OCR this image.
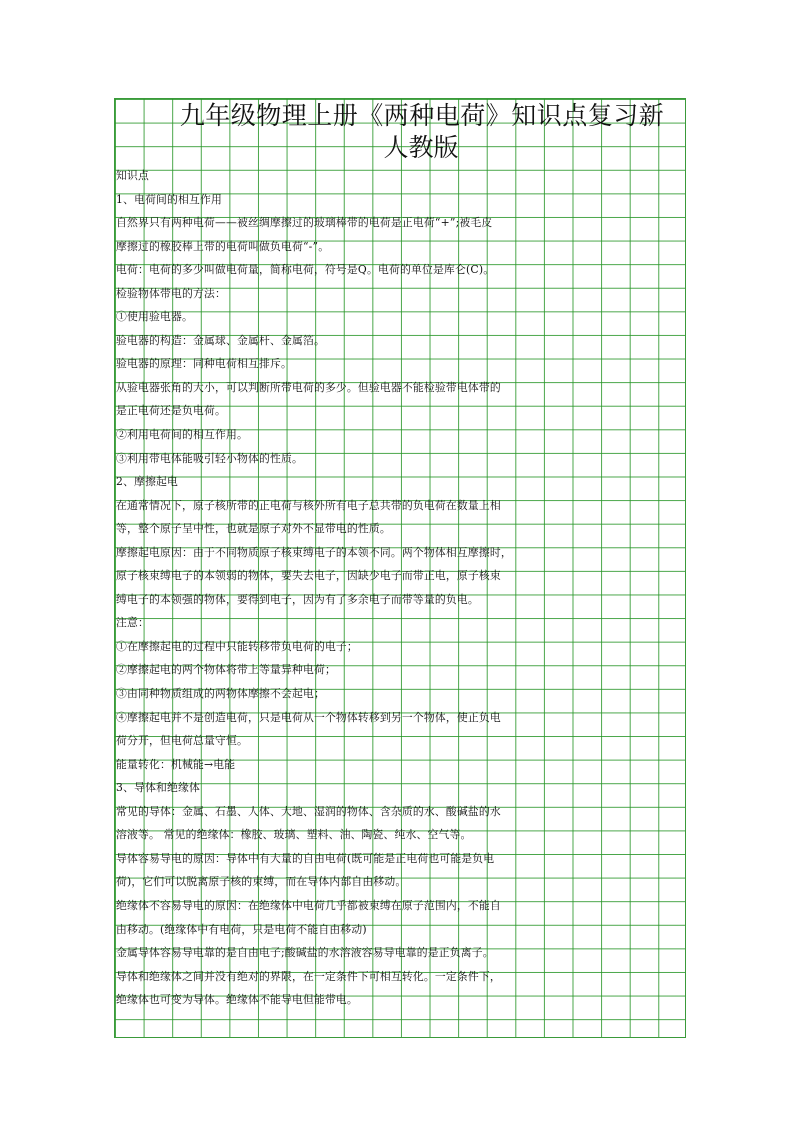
九年级物理上册《两种电荷》知识点复习新
人教版

知识点

1、电荷间的相互作用

自然界只有两种电荷——被丝绸摩擦过的玻璃棒带的电荷是正电荷“+”;被毛皮

摩擦过的橡胶棒上带的电荷叫做负电荷“-”。

电荷：电荷的多少叫做电荷量，简称电荷，符号是Q。电荷的单位是库仑(C)。

检验物体带电的方法：

①使用验电器。

验电器的构造：金属球、金属杆、金属箔。

验电器的原理：同种电荷相互排斥。

从验电器张角的大小，可以判断所带电荷的多少。但验电器不能检验带电体带的

是正电荷还是负电荷。

②利用电荷间的相互作用。

③利用带电体能吸引轻小物体的性质。

2、摩擦起电

在通常情况下，原子核所带的正电荷与核外所有电子总共带的负电荷在数量上相

等，整个原子呈中性，也就是原子对外不显带电的性质。

摩擦起电原因：由于不同物质原子核束缚电子的本领不同。两个物体相互摩擦时，

原子核束缚电子的本领弱的物体，要失去电子，因缺少电子而带正电，原子核束

缚电子的本领强的物体，要得到电子，因为有了多余电子而带等量的负电。

注意：

①在摩擦起电的过程中只能转移带负电荷的电子；

②摩擦起电的两个物体将带上等量异种电荷；

③由同种物质组成的两物体摩擦不会起电；

④摩擦起电并不是创造电荷，只是电荷从一个物体转移到另一个物体，使正负电

荷分开，但电荷总量守恒。

能量转化：机械能→电能

3、导体和绝缘体

常见的导体：金属、石墨、人体、大地、湿润的物体、含杂质的水、酸碱盐的水

溶液等。 常见的绝缘体：橡胶、玻璃、塑料、油、陶瓷、纯水、空气等。

导体容易导电的原因：导体中有大量的自由电荷(既可能是正电荷也可能是负电

荷)，它们可以脱离原子核的束缚，而在导体内部自由移动。

绝缘体不容易导电的原因：在绝缘体中电荷几乎都被束缚在原子范围内，不能自

由移动。(绝缘体中有电荷，只是电荷不能自由移动)

金属导体容易导电靠的是自由电子;酸碱盐的水溶液容易导电靠的是正负离子。

导体和绝缘体之间并没有绝对的界限，在一定条件下可相互转化。一定条件下，

绝缘体也可变为导体。绝缘体不能导电但能带电。
